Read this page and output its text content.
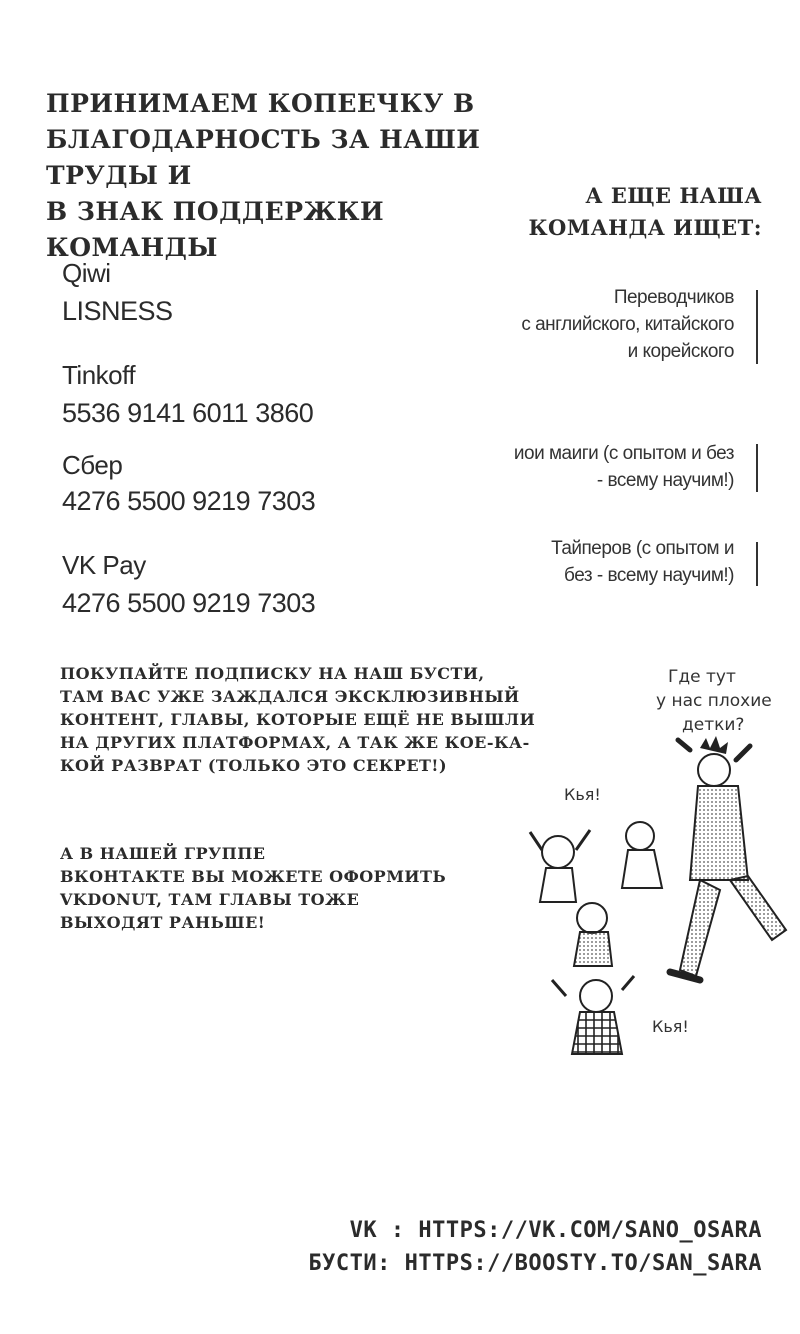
ПРИНИМАЕМ КОПЕЕЧКУ В
БЛАГОДАРНОСТЬ ЗА НАШИ ТРУДЫ И
В ЗНАК ПОДДЕРЖКИ КОМАНДЫ
А ЕЩЕ НАША
КОМАНДА ИЩЕТ:
Qiwi
LISNESS
Tinkoff
5536 9141 6011 3860
Сбер
4276 5500 9219 7303
VK Pay
4276 5500 9219 7303
Переводчиков
с английского, китайского
и корейского
иои маиги (с опытом и без
- всему научим!)
Тайперов (с опытом и
без - всему научим!)
ПОКУПАЙТЕ ПОДПИСКУ НА НАШ БУСТИ,
ТАМ ВАС УЖЕ ЗАЖДАЛСЯ ЭКСКЛЮЗИВНЫЙ
КОНТЕНТ, ГЛАВЫ, КОТОРЫЕ ЕЩЁ НЕ ВЫШЛИ
НА ДРУГИХ ПЛАТФОРМАХ, А ТАК ЖЕ КОЕ-КА-
КОЙ РАЗВРАТ (ТОЛЬКО ЭТО СЕКРЕТ!)
А В НАШЕЙ ГРУППЕ
ВКОНТАКТЕ ВЫ МОЖЕТЕ ОФОРМИТЬ
VKDONUT, ТАМ ГЛАВЫ ТОЖЕ
ВЫХОДЯТ РАНЬШЕ!
Где тут
у нас плохие
детки?
Кья!
Кья!
VK : HTTPS://VK.COM/SANO_OSARA
БУСТИ: HTTPS://BOOSTY.TO/SAN_SARA
